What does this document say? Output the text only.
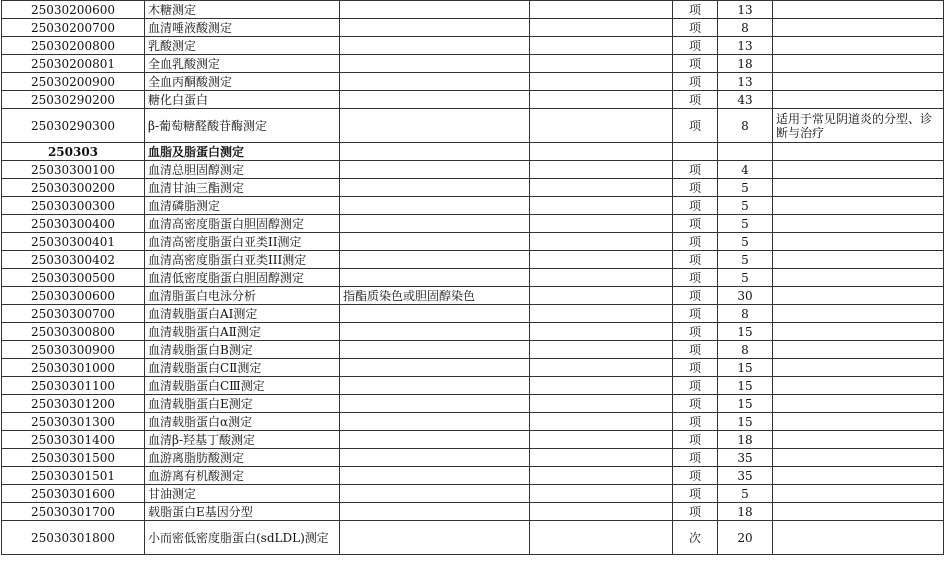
25030200600	木糖测定			项	13	
25030200700	血清唾液酸测定			项	8	
25030200800	乳酸测定			项	13	
25030200801	全血乳酸测定			项	18	
25030200900	全血丙酮酸测定			项	13	
25030290200	糖化白蛋白			项	43	
25030290300	β-葡萄糖醛酸苷酶测定			项	8	适用于常见阴道炎的分型、诊断与治疗
250303	血脂及脂蛋白测定					
25030300100	血清总胆固醇测定			项	4	
25030300200	血清甘油三酯测定			项	5	
25030300300	血清磷脂测定			项	5	
25030300400	血清高密度脂蛋白胆固醇测定			项	5	
25030300401	血清高密度脂蛋白亚类II测定			项	5	
25030300402	血清高密度脂蛋白亚类III测定			项	5	
25030300500	血清低密度脂蛋白胆固醇测定			项	5	
25030300600	血清脂蛋白电泳分析	指酯质染色或胆固醇染色		项	30	
25030300700	血清载脂蛋白AⅠ测定			项	8	
25030300800	血清载脂蛋白AⅡ测定			项	15	
25030300900	血清载脂蛋白B测定			项	8	
25030301000	血清载脂蛋白CⅡ测定			项	15	
25030301100	血清载脂蛋白CⅢ测定			项	15	
25030301200	血清载脂蛋白E测定			项	15	
25030301300	血清载脂蛋白α测定			项	15	
25030301400	血清β-羟基丁酸测定			项	18	
25030301500	血游离脂肪酸测定			项	35	
25030301501	血游离有机酸测定			项	35	
25030301600	甘油测定			项	5	
25030301700	载脂蛋白E基因分型			项	18	
25030301800	小而密低密度脂蛋白(sdLDL)测定			次	20	
